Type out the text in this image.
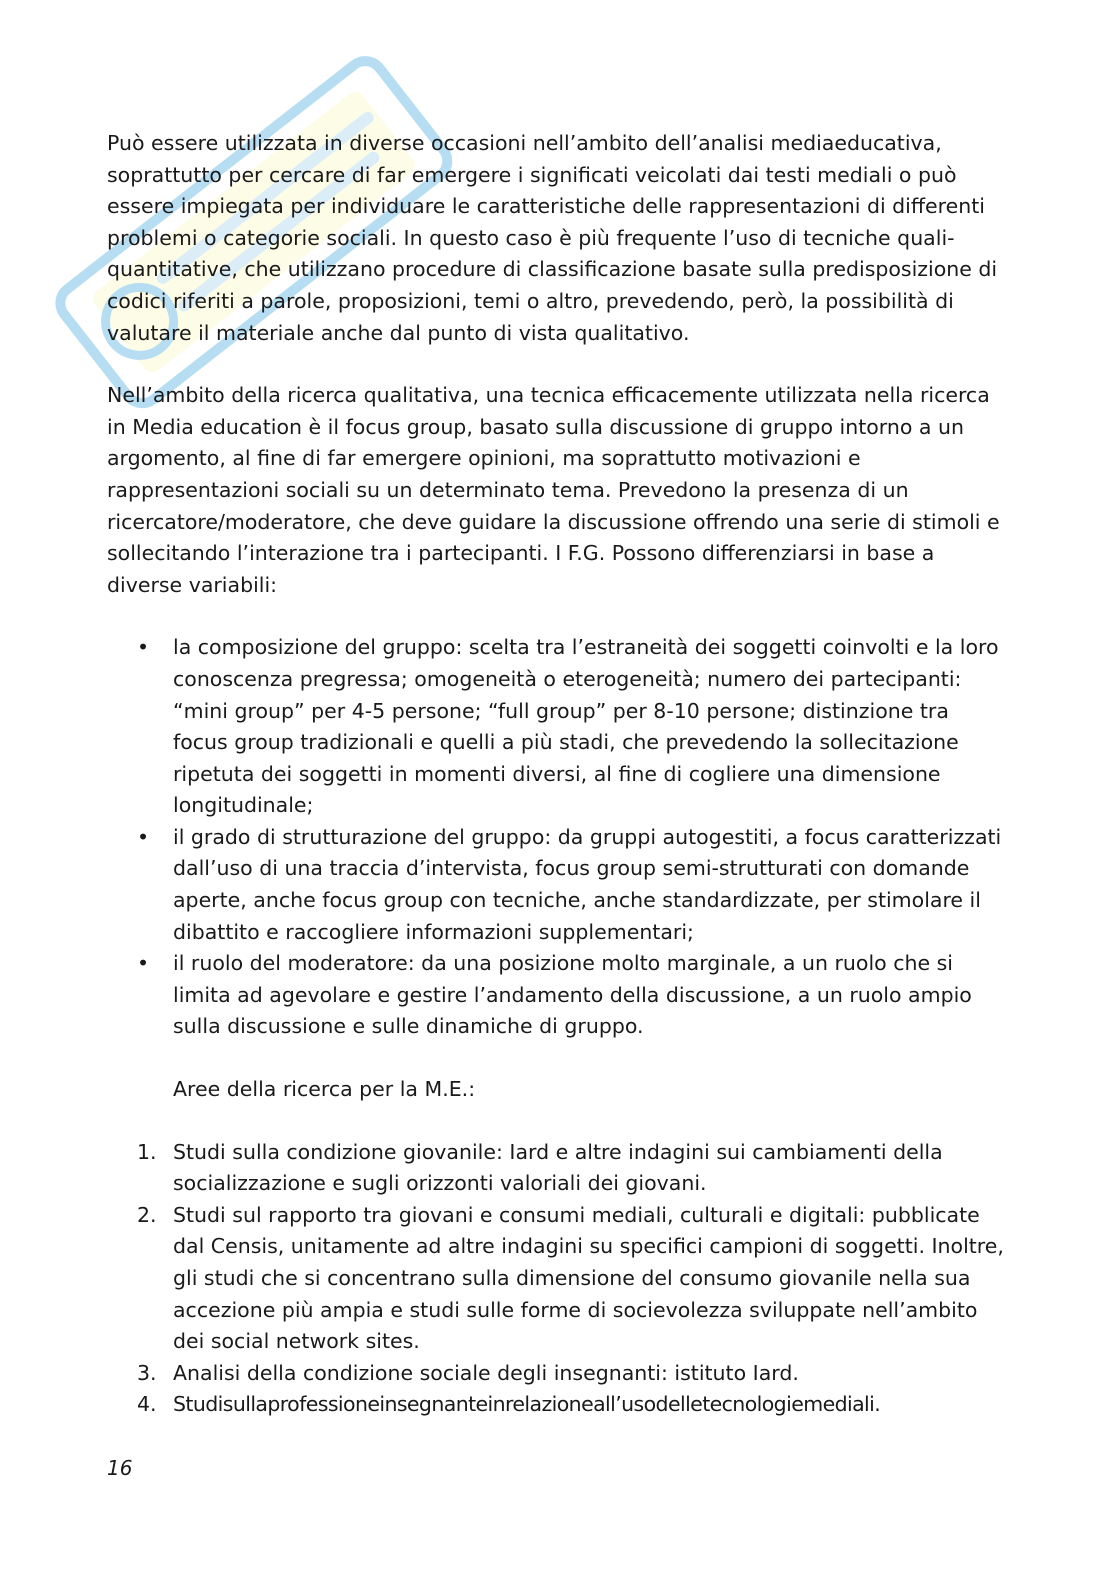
Può essere utilizzata in diverse occasioni nell’ambito dell’analisi mediaeducativa, soprattutto per cercare di far emergere i significati veicolati dai testi mediali o può essere impiegata per individuare le caratteristiche delle rappresentazioni di differenti problemi o categorie sociali. In questo caso è più frequente l’uso di tecniche quali-quantitative, che utilizzano procedure di classificazione basate sulla predisposizione di codici riferiti a parole, proposizioni, temi o altro, prevedendo, però, la possibilità di valutare il materiale anche dal punto di vista qualitativo.

Nell’ambito della ricerca qualitativa, una tecnica efficacemente utilizzata nella ricerca in Media education è il focus group, basato sulla discussione di gruppo intorno a un argomento, al fine di far emergere opinioni, ma soprattutto motivazioni e rappresentazioni sociali su un determinato tema. Prevedono la presenza di un ricercatore/moderatore, che deve guidare la discussione offrendo una serie di stimoli e sollecitando l’interazione tra i partecipanti. I F.G. Possono differenziarsi in base a diverse variabili:

• la composizione del gruppo: scelta tra l’estraneità dei soggetti coinvolti e la loro conoscenza pregressa; omogeneità o eterogeneità; numero dei partecipanti: “mini group” per 4-5 persone; “full group” per 8-10 persone; distinzione tra focus group tradizionali e quelli a più stadi, che prevedendo la sollecitazione ripetuta dei soggetti in momenti diversi, al fine di cogliere una dimensione longitudinale;
• il grado di strutturazione del gruppo: da gruppi autogestiti, a focus caratterizzati dall’uso di una traccia d’intervista, focus group semi-strutturati con domande aperte, anche focus group con tecniche, anche standardizzate, per stimolare il dibattito e raccogliere informazioni supplementari;
• il ruolo del moderatore: da una posizione molto marginale, a un ruolo che si limita ad agevolare e gestire l’andamento della discussione, a un ruolo ampio sulla discussione e sulle dinamiche di gruppo.

Aree della ricerca per la M.E.:

1. Studi sulla condizione giovanile: Iard e altre indagini sui cambiamenti della socializzazione e sugli orizzonti valoriali dei giovani.
2. Studi sul rapporto tra giovani e consumi mediali, culturali e digitali: pubblicate dal Censis, unitamente ad altre indagini su specifici campioni di soggetti. Inoltre, gli studi che si concentrano sulla dimensione del consumo giovanile nella sua accezione più ampia e studi sulle forme di socievolezza sviluppate nell’ambito dei social network sites.
3. Analisi della condizione sociale degli insegnanti: istituto Iard.
4. Studisullaprofessioneinsegnanteinrelazioneall’usodelletecnologiemediali.
16
